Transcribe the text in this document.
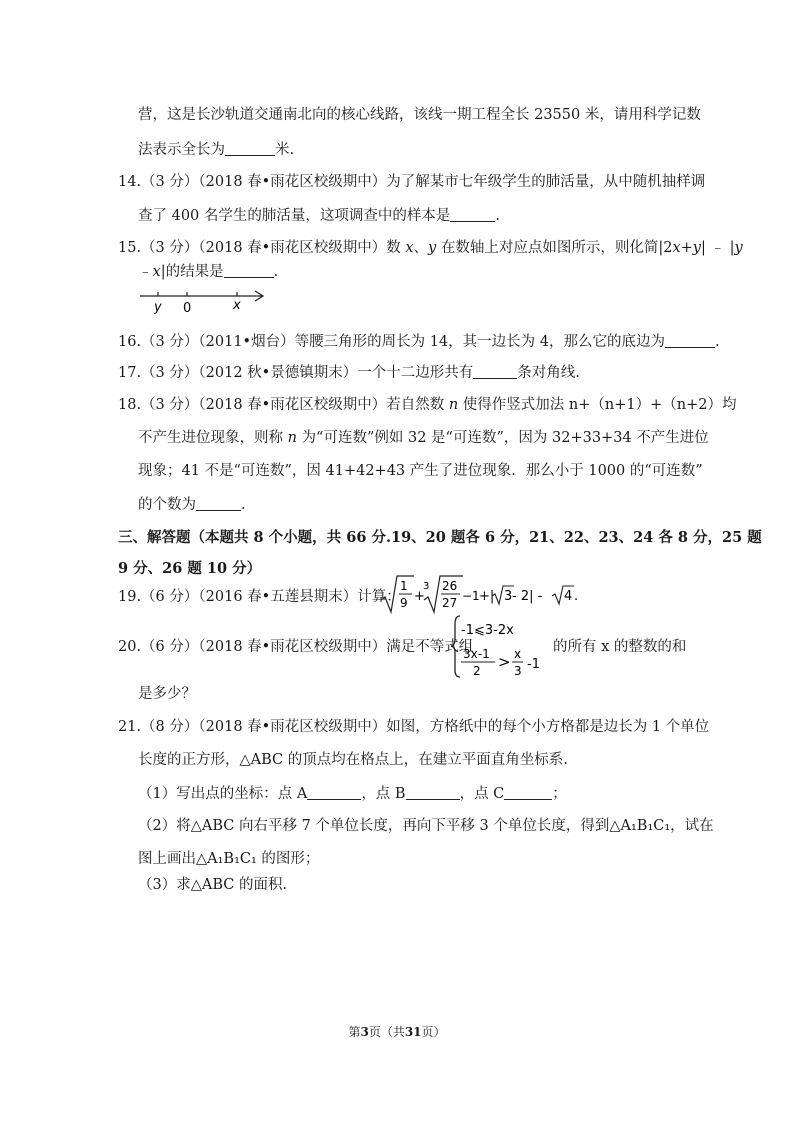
营，这是长沙轨道交通南北向的核心线路，该线一期工程全长 23550 米，请用科学记数
法表示全长为	米.
14.（3 分）（2018 春•雨花区校级期中）为了解某市七年级学生的肺活量，从中随机抽样调
查了 400 名学生的肺活量，这项调查中的样本是	.
15.（3 分）（2018 春•雨花区校级期中）数 x、y 在数轴上对应点如图所示，则化简|2x+y| ﹣ |y
﹣x|的结果是	.
y 0	x
16.（3 分）（2011•烟台）等腰三角形的周长为 14，其一边长为 4，那么它的底边为	.
17.（3 分）（2012 秋•景德镇期末）一个十二边形共有	条对角线.
18.（3 分）（2018 春•雨花区校级期中）若自然数 n 使得作竖式加法 n+（n+1）+（n+2）均
不产生进位现象，则称 n 为“可连数”例如 32 是“可连数”，因为 32+33+34 不产生进位
现象；41 不是“可连数”，因 41+42+43 产生了进位现象．那么小于 1000 的“可连数”
的个数为	.
三、解答题（本题共 8 个小题，共 66 分.19、20 题各 6 分，21、22、23、24 各 8 分，25 题
9 分、26 题 10 分）
19.（6 分）（2016 春•五莲县期末）计算：
1
9 +
3 26
27 −1 +| 3 - 2| - 4 .
20.（6 分）（2018 春•雨花区校级期中）满足不等式组
-1⩽3-2x
3x-1
2 > x
3 -1
的所有 x 的整数的和
是多少？
21.（8 分）（2018 春•雨花区校级期中）如图，方格纸中的每个小方格都是边长为 1 个单位
长度的正方形，△ABC 的顶点均在格点上，在建立平面直角坐标系.
（1）写出点的坐标：点 A	，点 B	，点 C	；
（2）将△ABC 向右平移 7 个单位长度，再向下平移 3 个单位长度，得到△A₁B₁C₁，试在
图上画出△A₁B₁C₁ 的图形；
（3）求△ABC 的面积.
第3页（共31页）
